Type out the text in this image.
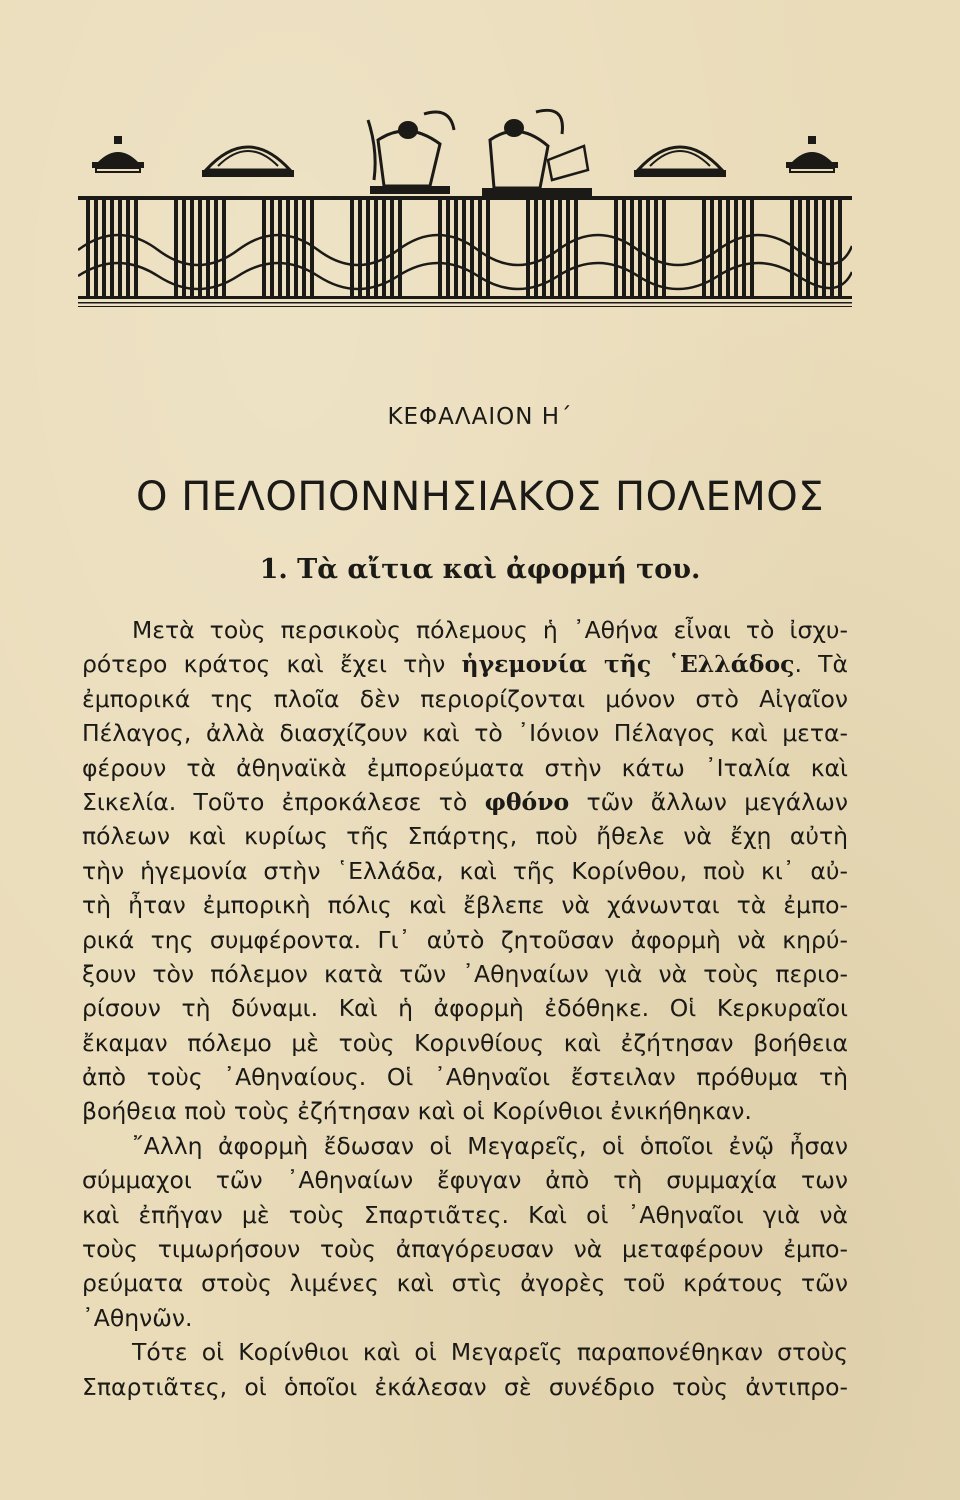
ΚΕΦΑΛΑΙΟΝ Η΄
Ο ΠΕΛΟΠΟΝΝΗΣΙΑΚΟΣ ΠΟΛΕΜΟΣ
1. Τὰ αἴτια καὶ ἀφορμή του.
Μετὰ τοὺς περσικοὺς πόλεμους ἡ ᾿Αθήνα εἶναι τὸ ἰσχυ-
ρότερο κράτος καὶ ἔχει τὴν ἡγεμονία τῆς ῾Ελλάδος. Τὰ
ἐμπορικά της πλοῖα δὲν περιορίζονται μόνον στὸ Αἰγαῖον
Πέλαγος, ἀλλὰ διασχίζουν καὶ τὸ ᾿Ιόνιον Πέλαγος καὶ μετα-
φέρουν τὰ ἀθηναϊκὰ ἐμπορεύματα στὴν κάτω ᾿Ιταλία καὶ
Σικελία. Τοῦτο ἐπροκάλεσε τὸ φθόνο τῶν ἄλλων μεγάλων
πόλεων καὶ κυρίως τῆς Σπάρτης, ποὺ ἤθελε νὰ ἔχῃ αὐτὴ
τὴν ἡγεμονία στὴν ῾Ελλάδα, καὶ τῆς Κορίνθου, ποὺ κι᾿ αὐ-
τὴ ἦταν ἐμπορικὴ πόλις καὶ ἔβλεπε νὰ χάνωνται τὰ ἐμπο-
ρικά της συμφέροντα. Γι᾿ αὐτὸ ζητοῦσαν ἀφορμὴ νὰ κηρύ-
ξουν τὸν πόλεμον κατὰ τῶν ᾿Αθηναίων γιὰ νὰ τοὺς περιο-
ρίσουν τὴ δύναμι. Καὶ ἡ ἀφορμὴ ἐδόθηκε. Οἱ Κερκυραῖοι
ἔκαμαν πόλεμο μὲ τοὺς Κορινθίους καὶ ἐζήτησαν βοήθεια
ἀπὸ τοὺς ᾿Αθηναίους. Οἱ ᾿Αθηναῖοι ἔστειλαν πρόθυμα τὴ
βοήθεια ποὺ τοὺς ἐζήτησαν καὶ οἱ Κορίνθιοι ἐνικήθηκαν.
῎Αλλη ἀφορμὴ ἔδωσαν οἱ Μεγαρεῖς, οἱ ὁποῖοι ἐνῷ ἦσαν
σύμμαχοι τῶν ᾿Αθηναίων ἔφυγαν ἀπὸ τὴ συμμαχία των
καὶ ἐπῆγαν μὲ τοὺς Σπαρτιᾶτες. Καὶ οἱ ᾿Αθηναῖοι γιὰ νὰ
τοὺς τιμωρήσουν τοὺς ἀπαγόρευσαν νὰ μεταφέρουν ἐμπο-
ρεύματα στοὺς λιμένες καὶ στὶς ἀγορὲς τοῦ κράτους τῶν
᾿Αθηνῶν.
Τότε οἱ Κορίνθιοι καὶ οἱ Μεγαρεῖς παραπονέθηκαν στοὺς
Σπαρτιᾶτες, οἱ ὁποῖοι ἐκάλεσαν σὲ συνέδριο τοὺς ἀντιπρο-
